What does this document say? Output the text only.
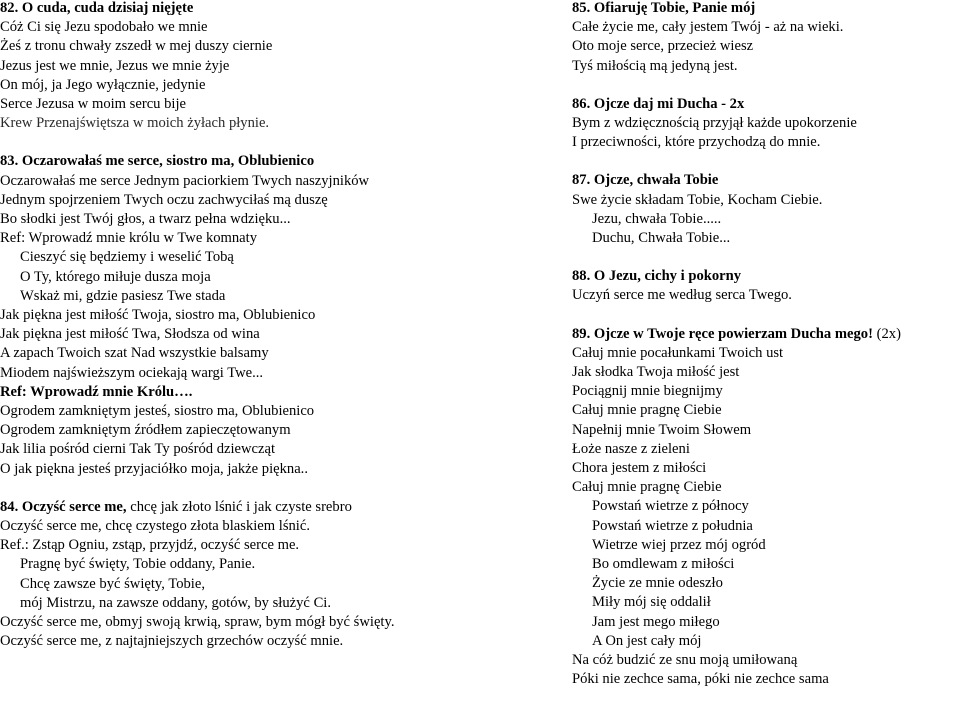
82. O cuda, cuda dzisiaj nięjęte
Cóż Ci się Jezu spodobało we mnie
Żeś z tronu chwały zszedł w mej duszy ciernie
Jezus jest we mnie, Jezus we mnie żyje
On mój, ja Jego wyłącznie, jedynie
Serce Jezusa w moim sercu bije
Krew Przenajświętsza w moich żyłach płynie.
83. Oczarowałaś me serce, siostro ma, Oblubienico
Oczarowałaś me serce Jednym paciorkiem Twych naszyjników
Jednym spojrzeniem Twych oczu zachwyciłaś mą duszę
Bo słodki jest Twój głos, a twarz pełna wdzięku...
Ref: Wprowadź mnie królu w Twe komnaty
Cieszyć się będziemy i weselić Tobą
O Ty, którego miłuje dusza moja
Wskaż mi, gdzie pasiesz Twe stada
Jak piękna jest miłość Twoja, siostro ma, Oblubienico
Jak piękna jest miłość Twa, Słodsza od wina
A zapach Twoich szat Nad wszystkie balsamy
Miodem najświeższym ociekają wargi Twe...
Ref: Wprowadź mnie Królu….
Ogrodem zamkniętym jesteś, siostro ma, Oblubienico
Ogrodem zamkniętym źródłem zapieczętowanym
Jak lilia pośród cierni Tak Ty pośród dziewcząt
O jak piękna jesteś przyjaciółko moja, jakże piękna..
84. Oczyść serce me, chcę jak złoto lśnić i jak czyste srebro
Oczyść serce me, chcę czystego złota blaskiem lśnić.
Ref.: Zstąp Ogniu, zstąp, przyjdź, oczyść serce me.
Pragnę być święty, Tobie oddany, Panie.
Chcę zawsze być święty, Tobie,
mój Mistrzu, na zawsze oddany, gotów, by służyć Ci.
Oczyść serce me, obmyj swoją krwią, spraw, bym mógł być święty.
Oczyść serce me, z najtajniejszych grzechów oczyść mnie.
85. Ofiaruję Tobie, Panie mój
Całe życie me, cały jestem Twój - aż na wieki.
Oto moje serce, przecież wiesz
Tyś miłością mą jedyną jest.
86. Ojcze daj mi Ducha - 2x
Bym z wdzięcznością przyjął każde upokorzenie
I przeciwności, które przychodzą do mnie.
87. Ojcze, chwała Tobie
Swe życie składam Tobie, Kocham Ciebie.
Jezu, chwała Tobie.....
Duchu, Chwała Tobie...
88. O Jezu, cichy i pokorny
Uczyń serce me według serca Twego.
89. Ojcze w Twoje ręce powierzam Ducha mego! (2x)
Całuj mnie pocałunkami Twoich ust
Jak słodka Twoja miłość jest
Pociągnij mnie biegnijmy
Całuj mnie pragnę Ciebie
Napełnij mnie Twoim Słowem
Łoże nasze z zieleni
Chora jestem z miłości
Całuj mnie pragnę Ciebie
Powstań wietrze z północy
Powstań wietrze z południa
Wietrze wiej przez mój ogród
Bo omdlewam z miłości
Życie ze mnie odeszło
Miły mój się oddalił
Jam jest mego miłego
A On jest cały mój
Na cóż budzić ze snu moją umiłowaną
Póki nie zechce sama, póki nie zechce sama
